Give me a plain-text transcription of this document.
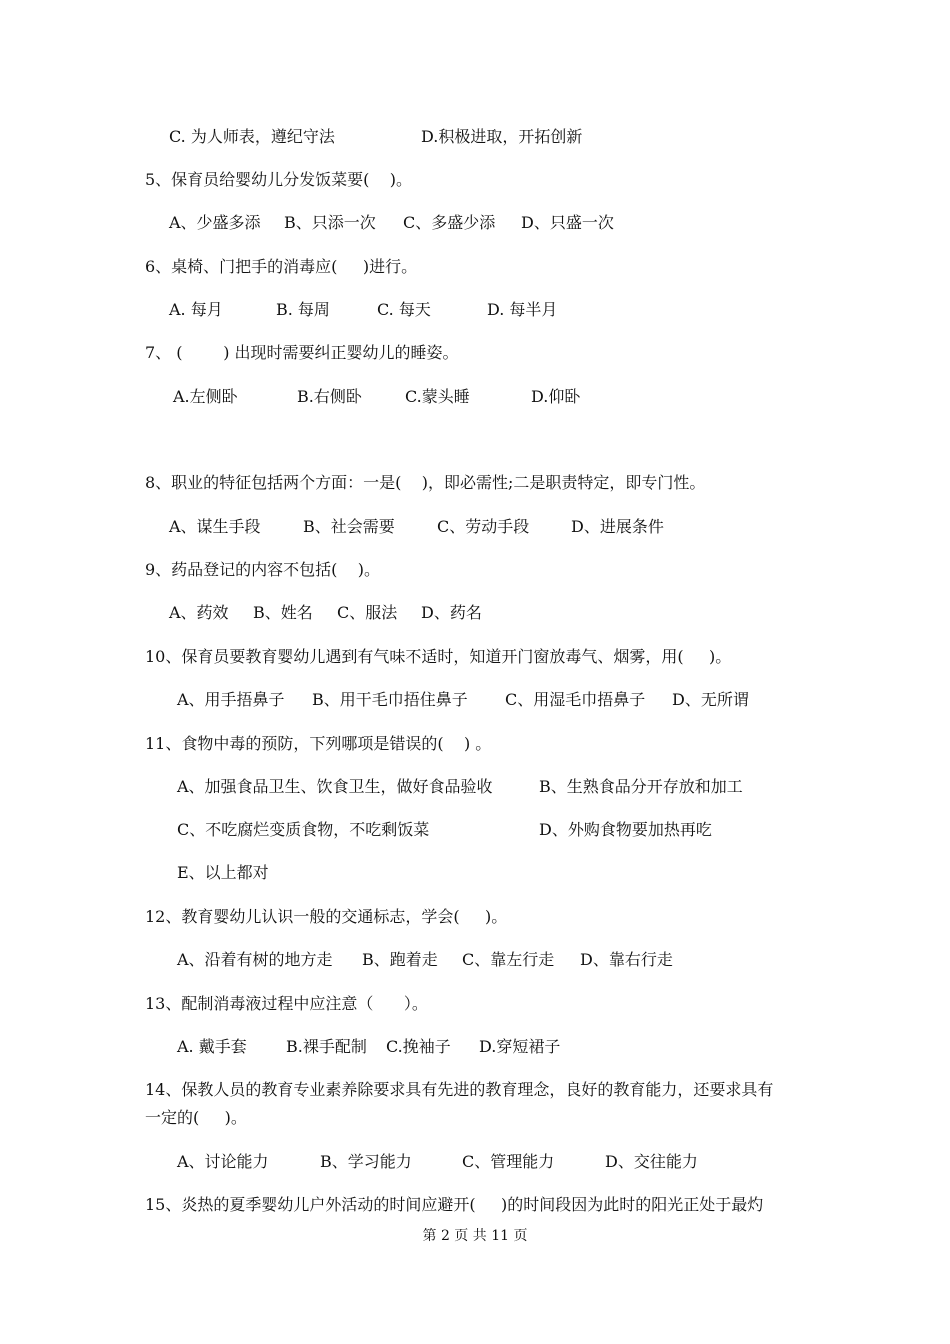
C. 为人师表，遵纪守法	D.积极进取，开拓创新
5、保育员给婴幼儿分发饭菜要(    )。
A、少盛多添 B、只添一次 C、多盛少添 D、只盛一次
6、桌椅、门把手的消毒应(     )进行。
A. 每月	B. 每周	C. 每天	D. 每半月
7、 (        ) 出现时需要纠正婴幼儿的睡姿。
A.左侧卧	B.右侧卧	C.蒙头睡	D.仰卧
8、职业的特征包括两个方面：一是(    )，即必需性;二是职责特定，即专门性。
A、谋生手段	B、社会需要	C、劳动手段	D、进展条件
9、药品登记的内容不包括(    )。
A、药效 B、姓名 C、服法 D、药名
10、保育员要教育婴幼儿遇到有气味不适时，知道开门窗放毒气、烟雾，用(     )。
A、用手捂鼻子 B、用干毛巾捂住鼻子 C、用湿毛巾捂鼻子 D、无所谓
11、食物中毒的预防，下列哪项是错误的(    ) 。
A、加强食品卫生、饮食卫生，做好食品验收	B、生熟食品分开存放和加工
C、不吃腐烂变质食物，不吃剩饭菜	D、外购食物要加热再吃
E、以上都对
12、教育婴幼儿认识一般的交通标志，学会(     )。
A、沿着有树的地方走 B、跑着走 C、靠左行走 D、靠右行走
13、配制消毒液过程中应注意（      ）。
A. 戴手套 B.裸手配制 C.挽袖子 D.穿短裙子
14、保教人员的教育专业素养除要求具有先进的教育理念，良好的教育能力，还要求具有
一定的(     )。
A、讨论能力	B、学习能力	C、管理能力	D、交往能力
15、炎热的夏季婴幼儿户外活动的时间应避开(     )的时间段因为此时的阳光正处于最灼
第 2 页 共 11 页
